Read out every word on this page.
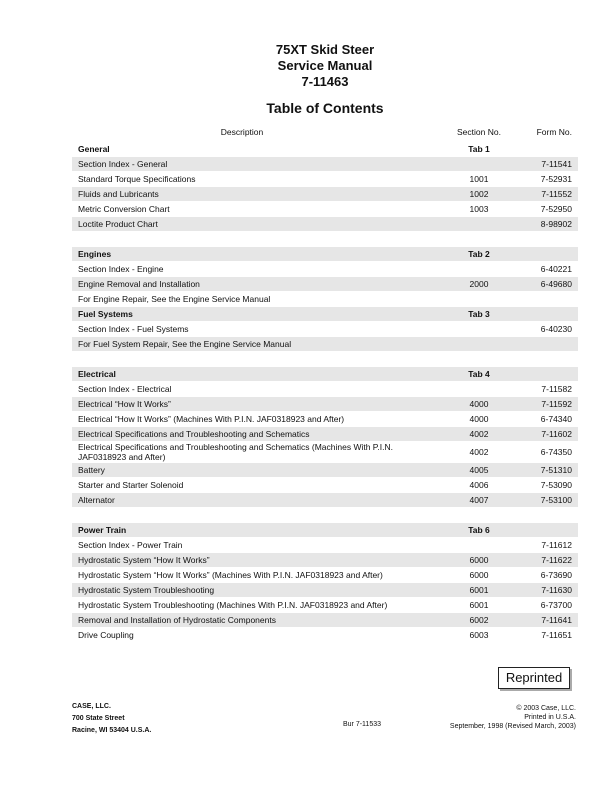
75XT Skid Steer
Service Manual
7-11463
Table of Contents
Description	Section No.	Form No.
General	Tab 1
Section Index - General	7-11541
Standard Torque Specifications	1001	7-52931
Fluids and Lubricants	1002	7-11552
Metric Conversion Chart	1003	7-52950
Loctite Product Chart	8-98902
Engines	Tab 2
Section Index - Engine	6-40221
Engine Removal and Installation	2000	6-49680
For Engine Repair, See the Engine Service Manual
Fuel Systems	Tab 3
Section Index - Fuel Systems	6-40230
For Fuel System Repair, See the Engine Service Manual
Electrical	Tab 4
Section Index - Electrical	7-11582
Electrical “How It Works”	4000	7-11592
Electrical “How It Works” (Machines With P.I.N. JAF0318923 and After)	4000	6-74340
Electrical Specifications and Troubleshooting and Schematics	4002	7-11602
Electrical Specifications and Troubleshooting and Schematics (Machines With P.I.N. JAF0318923 and After)	4002	6-74350
Battery	4005	7-51310
Starter and Starter Solenoid	4006	7-53090
Alternator	4007	7-53100
Power Train	Tab 6
Section Index - Power Train	7-11612
Hydrostatic System “How It Works”	6000	7-11622
Hydrostatic System “How It Works” (Machines With P.I.N. JAF0318923 and After)	6000	6-73690
Hydrostatic System Troubleshooting	6001	7-11630
Hydrostatic System Troubleshooting (Machines With P.I.N. JAF0318923 and After)	6001	6-73700
Removal and Installation of Hydrostatic Components	6002	7-11641
Drive Coupling	6003	7-11651
Reprinted
CASE, LLC.
700 State Street
Racine, WI 53404 U.S.A.
Bur 7-11533
© 2003 Case, LLC.
Printed in U.S.A.
September, 1998 (Revised March, 2003)
